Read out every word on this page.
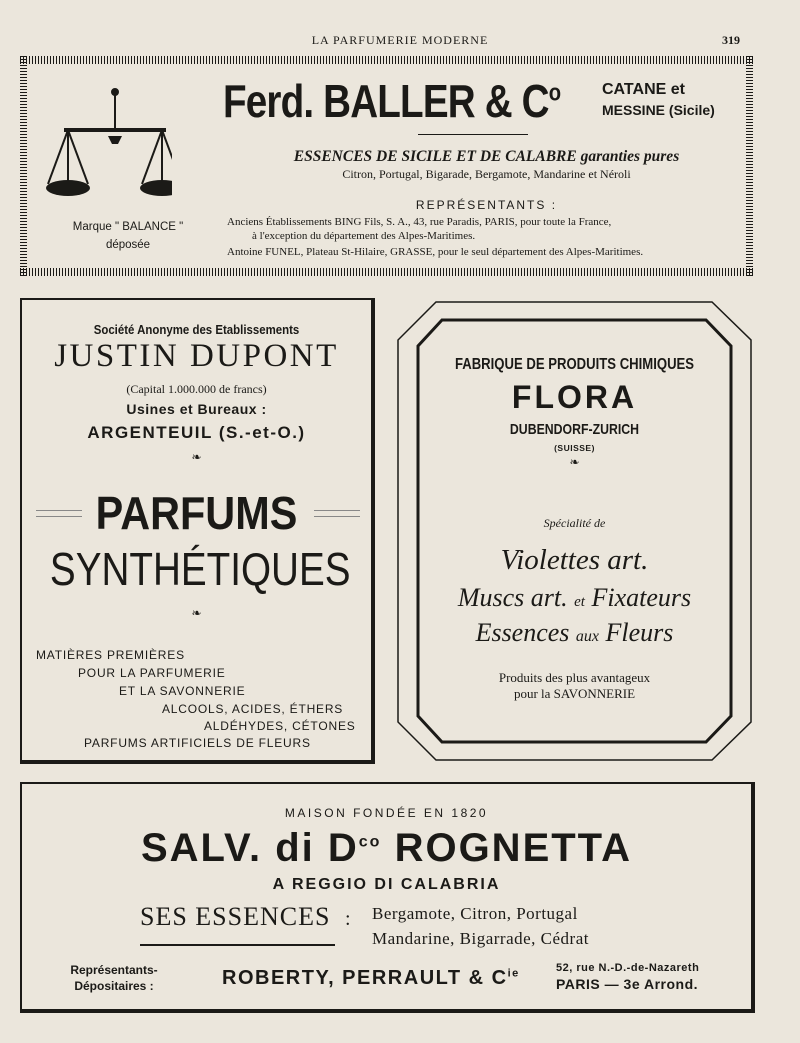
LA PARFUMERIE MODERNE	319
Ferd. BALLER & $C^o$	CATANE et
MESSINE (Sicile)
ESSENCES DE SICILE ET DE CALABRE garanties pures
Citron, Portugal, Bigarade, Bergamote, Mandarine et Néroli
REPRÉSENTANTS :
Anciens Établissements BING Fils, S. A., 43, rue Paradis, PARIS, pour toute la France,
à l'exception du département des Alpes-Maritimes.
Antoine FUNEL, Plateau St-Hilaire, GRASSE, pour le seul département des Alpes-Maritimes.
Marque " BALANCE "
déposée
Société Anonyme des Etablissements
JUSTIN DUPONT
(Capital 1.000.000 de francs)
Usines et Bureaux :
ARGENTEUIL (S.-et-O.)
❧
PARFUMS
SYNTHÉTIQUES
❧
MATIÈRES PREMIÈRES
POUR LA PARFUMERIE
ET LA SAVONNERIE
ALCOOLS, ACIDES, ÉTHERS
ALDÉHYDES, CÉTONES
PARFUMS ARTIFICIELS DE FLEURS
FABRIQUE DE PRODUITS CHIMIQUES
FLORA
DUBENDORF-ZURICH
(SUISSE)
❧
Spécialité de
Violettes art.
Muscs art. et Fixateurs
Essences aux Fleurs
Produits des plus avantageux
pour la SAVONNERIE
MAISON FONDÉE EN 1820
SALV. di $D^{co}$ ROGNETTA
A REGGIO DI CALABRIA
SES ESSENCES : Bergamote, Citron, Portugal
Mandarine, Bigarrade, Cédrat
Représentants-
Dépositaires :	ROBERTY, PERRAULT & $C^{ie}$	52, rue N.-D.-de-Nazareth
PARIS — 3e Arrond.
